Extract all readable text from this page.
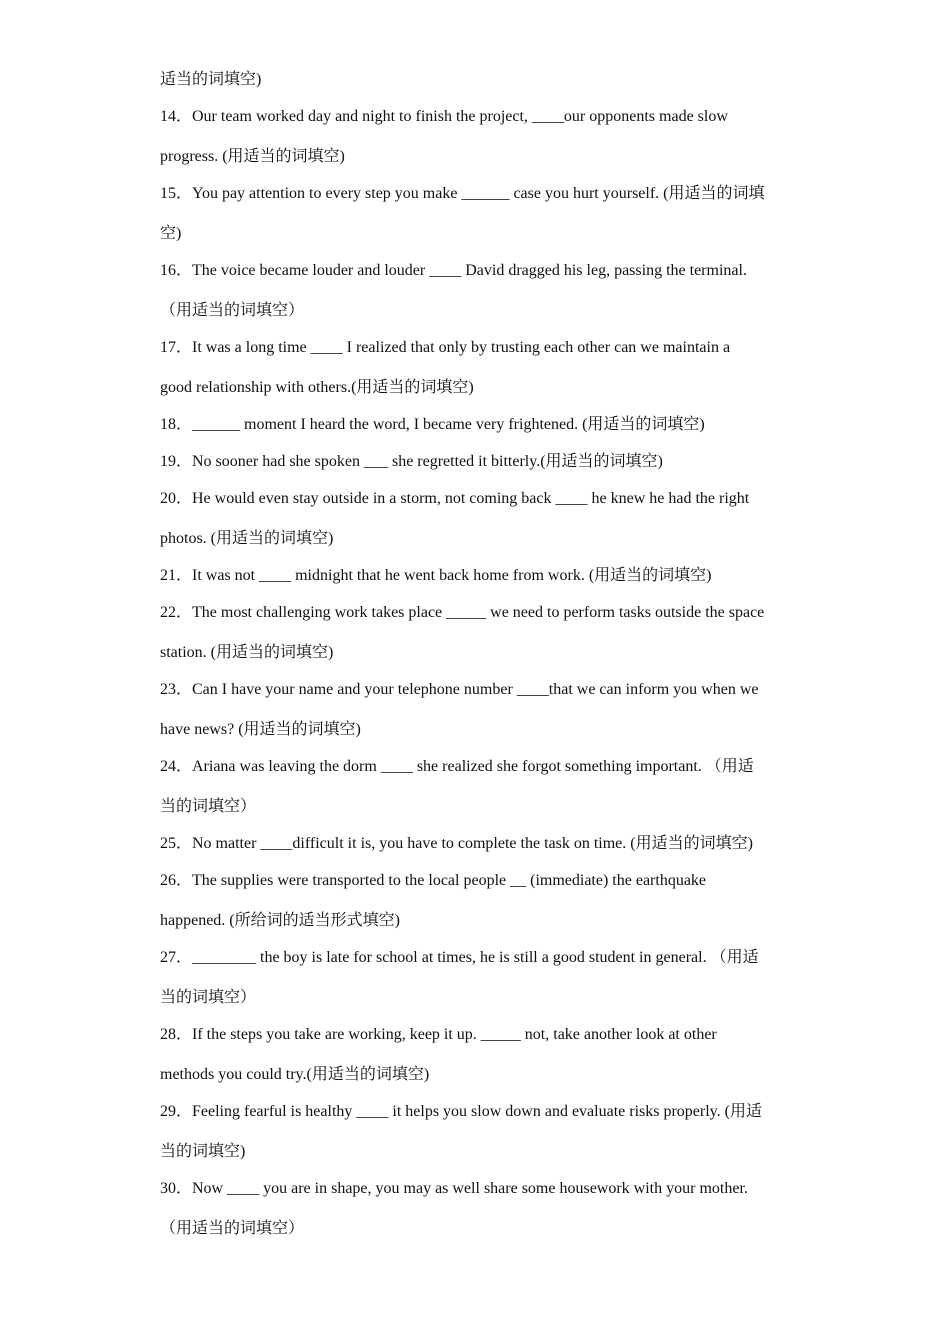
适当的词填空)
14．Our team worked day and night to finish the project, ____our opponents made slow
progress. (用适当的词填空)
15．You pay attention to every step you make ______ case you hurt yourself. (用适当的词填
空)
16．The voice became louder and louder ____ David dragged his leg, passing the terminal.
（用适当的词填空）
17．It was a long time ____ I realized that only by trusting each other can we maintain a
good relationship with others.(用适当的词填空)
18．______ moment I heard the word, I became very frightened. (用适当的词填空)
19．No sooner had she spoken ___ she regretted it bitterly.(用适当的词填空)
20．He would even stay outside in a storm, not coming back ____ he knew he had the right
photos. (用适当的词填空)
21．It was not ____ midnight that he went back home from work. (用适当的词填空)
22．The most challenging work takes place _____ we need to perform tasks outside the space
station. (用适当的词填空)
23．Can I have your name and your telephone number ____that we can inform you when we
have news? (用适当的词填空)
24．Ariana was leaving the dorm ____ she realized she forgot something important. （用适
当的词填空）
25．No matter ____difficult it is, you have to complete the task on time. (用适当的词填空)
26．The supplies were transported to the local people __ (immediate) the earthquake
happened. (所给词的适当形式填空)
27．________ the boy is late for school at times, he is still a good student in general. （用适
当的词填空）
28．If the steps you take are working, keep it up. _____ not, take another look at other
methods you could try.(用适当的词填空)
29．Feeling fearful is healthy ____ it helps you slow down and evaluate risks properly. (用适
当的词填空)
30．Now ____ you are in shape, you may as well share some housework with your mother.
（用适当的词填空）
